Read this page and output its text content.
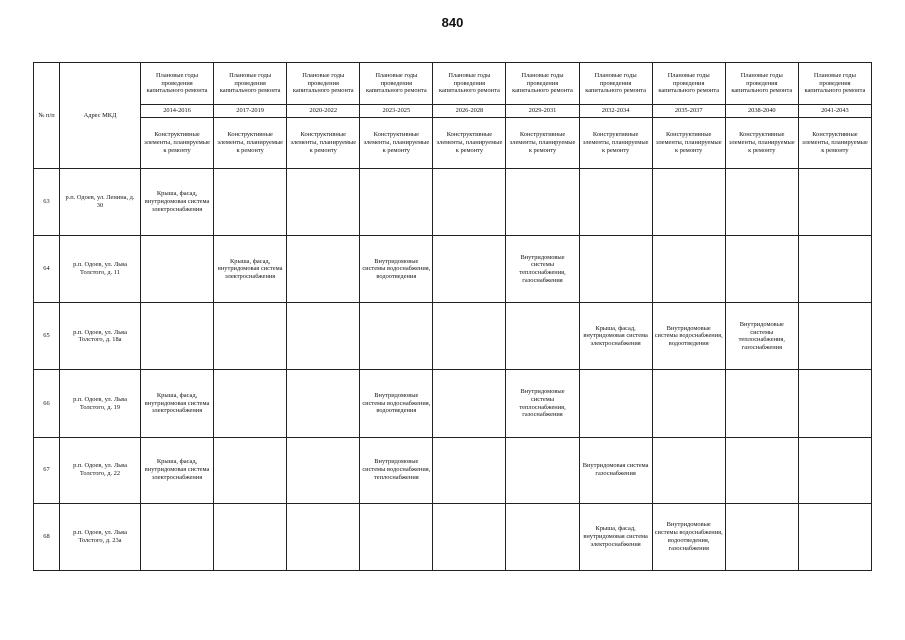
840
№ п/п	Адрес МКД	Плановые годы проведения капитального ремонта	Плановые годы проведения капитального ремонта	Плановые годы проведения капитального ремонта	Плановые годы проведения капитального ремонта	Плановые годы проведения капитального ремонта	Плановые годы проведения капитального ремонта	Плановые годы проведения капитального ремонта	Плановые годы проведения капитального ремонта	Плановые годы проведения капитального ремонта	Плановые годы проведения капитального ремонта
		2014-2016	2017-2019	2020-2022	2023-2025	2026-2028	2029-2031	2032-2034	2035-2037	2038-2040	2041-2043
		Конструктивные элементы, планируемые к ремонту	Конструктивные элементы, планируемые к ремонту	Конструктивные элементы, планируемые к ремонту	Конструктивные элементы, планируемые к ремонту	Конструктивные элементы, планируемые к ремонту	Конструктивные элементы, планируемые к ремонту	Конструктивные элементы, планируемые к ремонту	Конструктивные элементы, планируемые к ремонту	Конструктивные элементы, планируемые к ремонту	Конструктивные элементы, планируемые к ремонту
63	р.п. Одоев, ул. Ленина, д. 30	Крыша, фасад, внутридомовая система электроснабжения									
64	р.п. Одоев, ул. Льва Толстого, д. 11		Крыша, фасад, внутридомовая система электроснабжения		Внутридомовые системы водоснабжения, водоотведения		Внутридомовые системы теплоснабжения, газоснабжения				
65	р.п. Одоев, ул. Льва Толстого, д. 18а							Крыша, фасад, внутридомовая система электроснабжения	Внутридомовые системы водоснабжения, водоотведения	Внутридомовые системы теплоснабжения, газоснабжения	
66	р.п. Одоев, ул. Льва Толстого, д. 19	Крыша, фасад, внутридомовая система электроснабжения			Внутридомовые системы водоснабжения, водоотведения		Внутридомовые системы теплоснабжения, газоснабжения				
67	р.п. Одоев, ул. Льва Толстого, д. 22	Крыша, фасад, внутридомовая система электроснабжения			Внутридомовые системы водоснабжения, теплоснабжения			Внутридомовая система газоснабжения			
68	р.п. Одоев, ул. Льва Толстого, д. 23а							Крыша, фасад, внутридомовая система электроснабжения	Внутридомовые системы водоснабжения, водоотведения, газоснабжения		
